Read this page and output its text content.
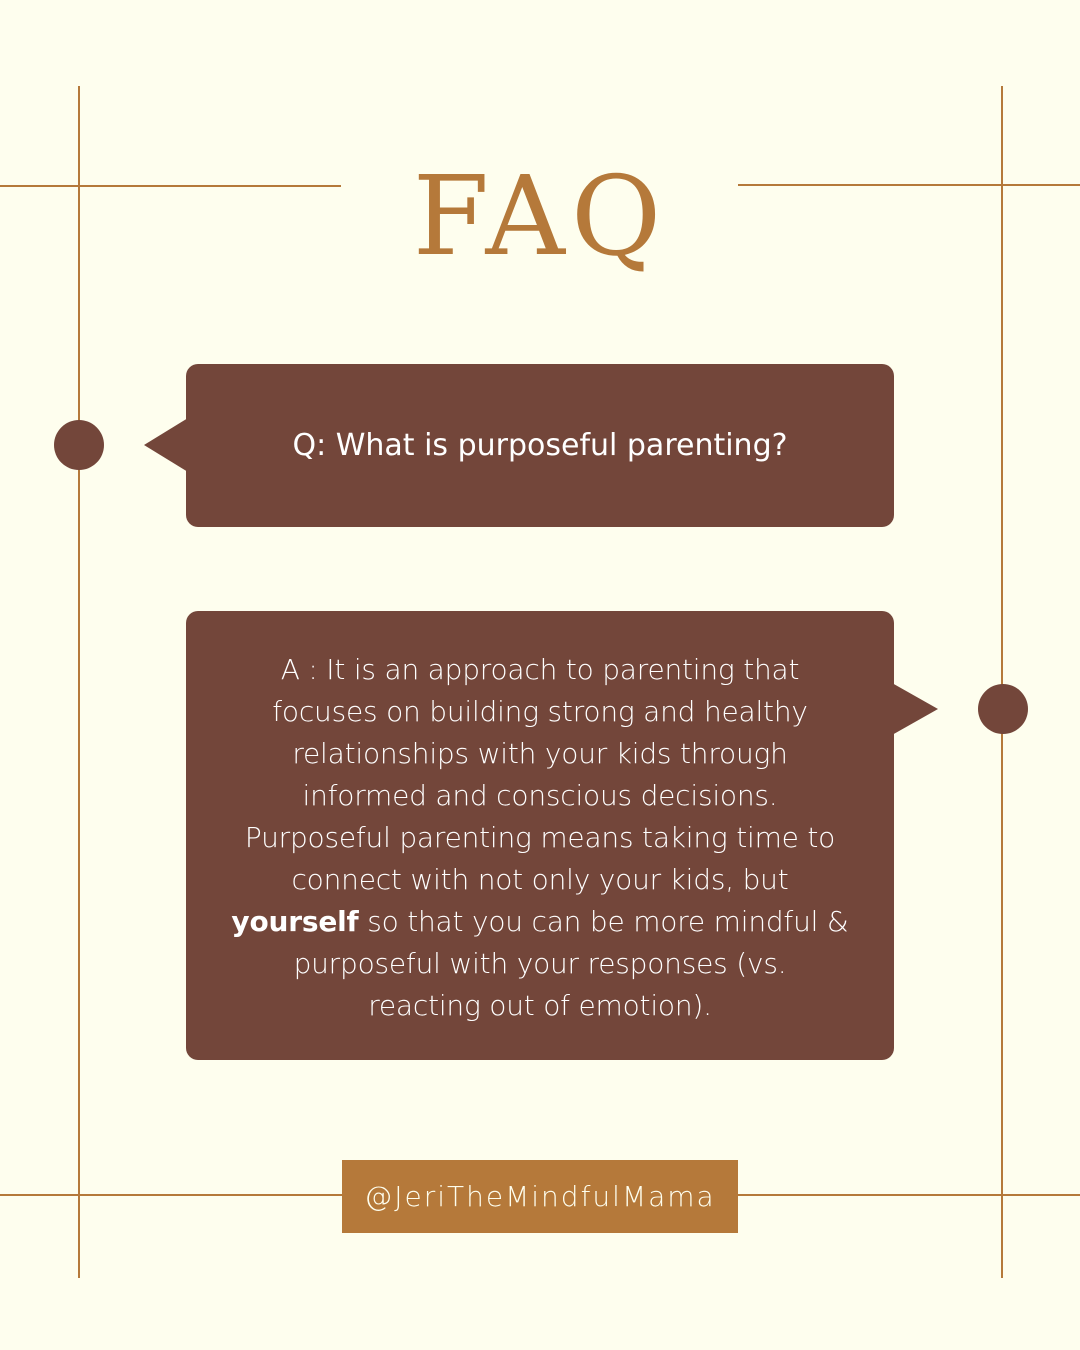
FAQ
Q: What is purposeful parenting?
A : It is an approach to parenting that
focuses on building strong and healthy
relationships with your kids through
informed and conscious decisions.
Purposeful parenting means taking time to
connect with not only your kids, but
yourself so that you can be more mindful &
purposeful with your responses (vs.
reacting out of emotion).
@JeriTheMindfulMama
